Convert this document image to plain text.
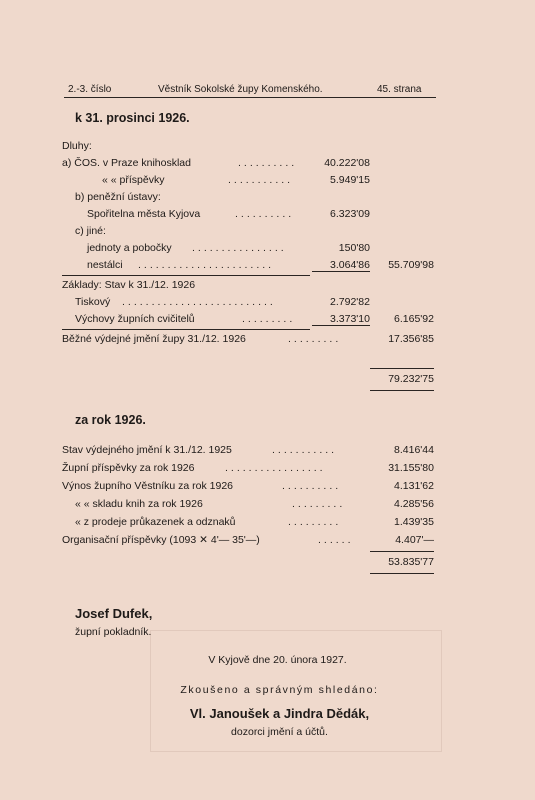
2.-3. číslo	Věstník Sokolské župy Komenského.	45. strana
k 31. prosinci 1926.
Dluhy:
a) ČOS. v Praze knihosklad	..........	40.222'08
« « příspěvky	...........	5.949'15
b) peněžní ústavy:
Spořitelna města Kyjova	..........	6.323'09
c) jiné:
jednoty a pobočky ................	150'80
nestálci .......................	3.064'86	55.709'98
Základy: Stav k 31./12. 1926
Tiskový ..........................	2.792'82
Výchovy župních cvičitelů	.........	3.373'10	6.165'92
Běžné výdejné jmění župy 31./12. 1926	.........	17.356'85
79.232'75
za rok 1926.
Stav výdejného jmění k 31./12. 1925	...........	8.416'44
Župní příspěvky za rok 1926	.................	31.155'80
Výnos župního Věstníku za rok 1926	..........	4.131'62
« « skladu knih za rok 1926	.........	4.285'56
« z prodeje průkazenek a odznaků	.........	1.439'35
Organisační příspěvky (1093 ✕ 4'— 35'—)	......	4.407'—
53.835'77
Josef Dufek,
župní pokladník.
V Kyjově dne 20. února 1927.
Zkoušeno a správným shledáno:
Vl. Janoušek a Jindra Dědák,
dozorci jmění a účtů.
